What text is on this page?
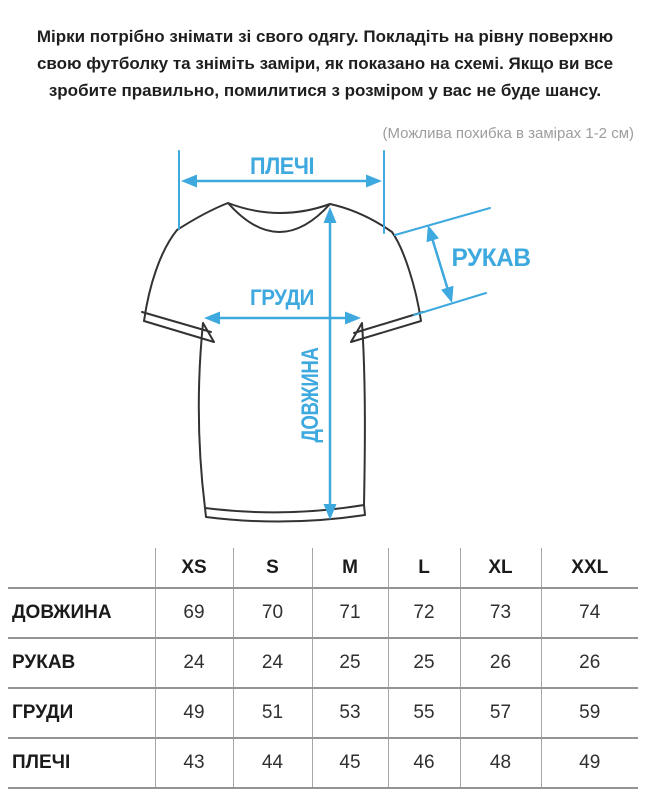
Мірки потрібно знімати зі свого одягу. Покладіть на рівну поверхню
свою футболку та зніміть заміри, як показано на схемі. Якщо ви все
зробите правильно, помилитися з розміром у вас не буде шансу.
(Можлива похибка в замірах 1-2 см)
ПЛЕЧІ
РУКАВ
ГРУДИ
ДОВЖИНА
	XS	S	M	L	XL	XXL
ДОВЖИНА	69	70	71	72	73	74
РУКАВ	24	24	25	25	26	26
ГРУДИ	49	51	53	55	57	59
ПЛЕЧІ	43	44	45	46	48	49
